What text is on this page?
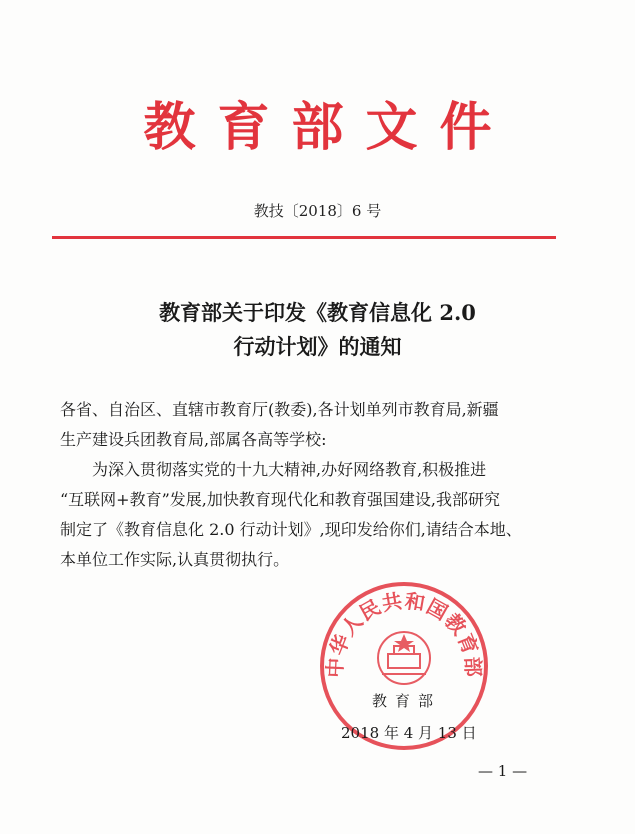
教育部文件
教技〔2018〕6 号
教育部关于印发《教育信息化 2.0
行动计划》的通知

各省、自治区、直辖市教育厅(教委),各计划单列市教育局,新疆

生产建设兵团教育局,部属各高等学校:

为深入贯彻落实党的十九大精神,办好网络教育,积极推进

“互联网+教育”发展,加快教育现代化和教育强国建设,我部研究

制定了《教育信息化 2.0 行动计划》,现印发给你们,请结合本地、

本单位工作实际,认真贯彻执行。

中华人民共和国教育部
教育部
2018 年 4 月 13 日
— 1 —
